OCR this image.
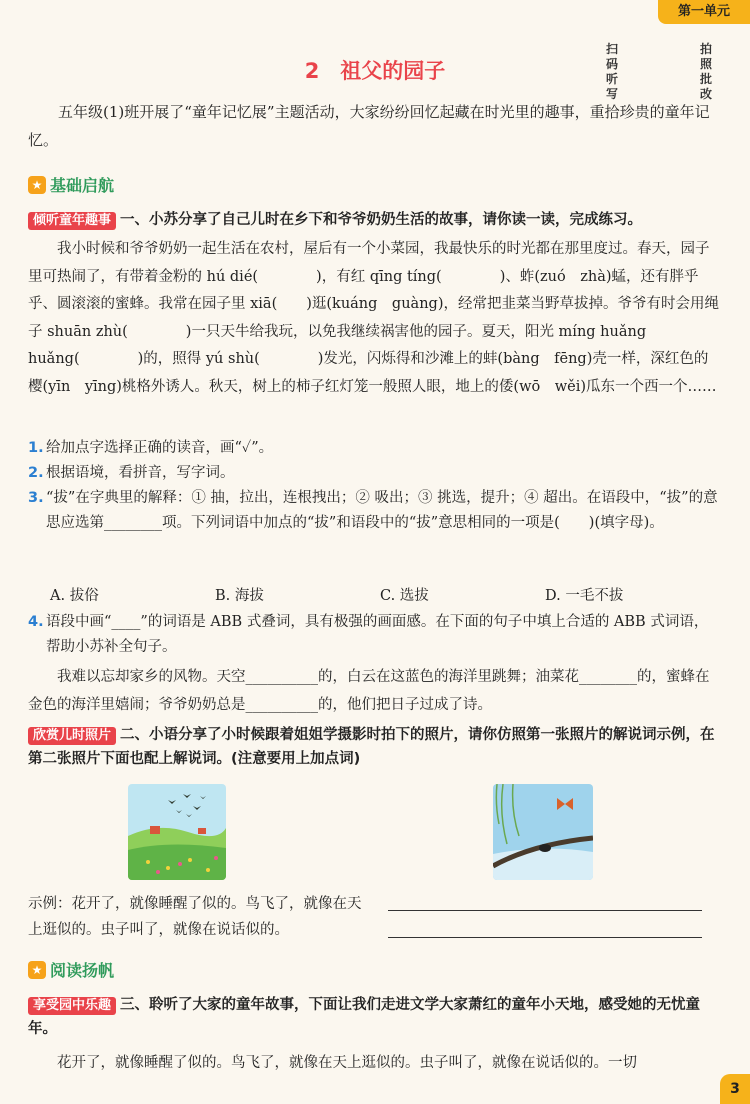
第一单元
扫码听写
拍照批改
2　祖父的园子
五年级(1)班开展了“童年记忆展”主题活动，大家纷纷回忆起藏在时光里的趣事，重拾珍贵的童年记忆。
★ 基础启航
倾听童年趣事 一、小苏分享了自己儿时在乡下和爷爷奶奶生活的故事，请你读一读，完成练习。

我小时候和爷爷奶奶一起生活在农村，屋后有一个小菜园，我最快乐的时光都在那里度过。春天，园子里可热闹了，有带着金粉的 hú dié(　　　　)，有红 qīng tíng(　　　　)、蚱(zuó　zhà)蜢，还有胖乎乎、圆滚滚的蜜蜂。我常在园子里 xiā(　　)逛(kuáng　guàng)，经常把韭菜当野草拔掉。爷爷有时会用绳子 shuān zhù(　　　　)一只天牛给我玩，以免我继续祸害他的园子。夏天，阳光 míng huǎng huǎng(　　　　)的，照得 yú shù(　　　　)发光，闪烁得和沙滩上的蚌(bàng　fēng)壳一样，深红色的樱(yīn　yīng)桃格外诱人。秋天，树上的柿子红灯笼一般照人眼，地上的倭(wō　wěi)瓜东一个西一个……

1. 给加点字选择正确的读音，画“✓”。
2. 根据语境，看拼音，写字词。
3. “拔”在字典里的解释：① 抽，拉出，连根拽出；② 吸出；③ 挑选，提升；④ 超出。在语段中，“拔”的意思应选第________项。下列词语中加点的“拔”和语段中的“拔”意思相同的一项是(　　)(填字母)。
A. 拔俗	B. 海拔	C. 选拔	D. 一毛不拔
4. 语段中画“____”的词语是 ABB 式叠词，具有极强的画面感。在下面的句子中填上合适的 ABB 式词语，帮助小苏补全句子。

我难以忘却家乡的风物。天空__________的，白云在这蓝色的海洋里跳舞；油菜花________的，蜜蜂在金色的海洋里嬉闹；爷爷奶奶总是__________的，他们把日子过成了诗。

欣赏儿时照片 二、小语分享了小时候跟着姐姐学摄影时拍下的照片，请你仿照第一张照片的解说词示例，在第二张照片下面也配上解说词。(注意要用上加点词)
示例：花开了，就像睡醒了似的。鸟飞了，就像在天上逛似的。虫子叫了，就像在说话似的。
★ 阅读扬帆
享受园中乐趣 三、聆听了大家的童年故事，下面让我们走进文学大家萧红的童年小天地，感受她的无忧童年。

花开了，就像睡醒了似的。鸟飞了，就像在天上逛似的。虫子叫了，就像在说话似的。一切

3
